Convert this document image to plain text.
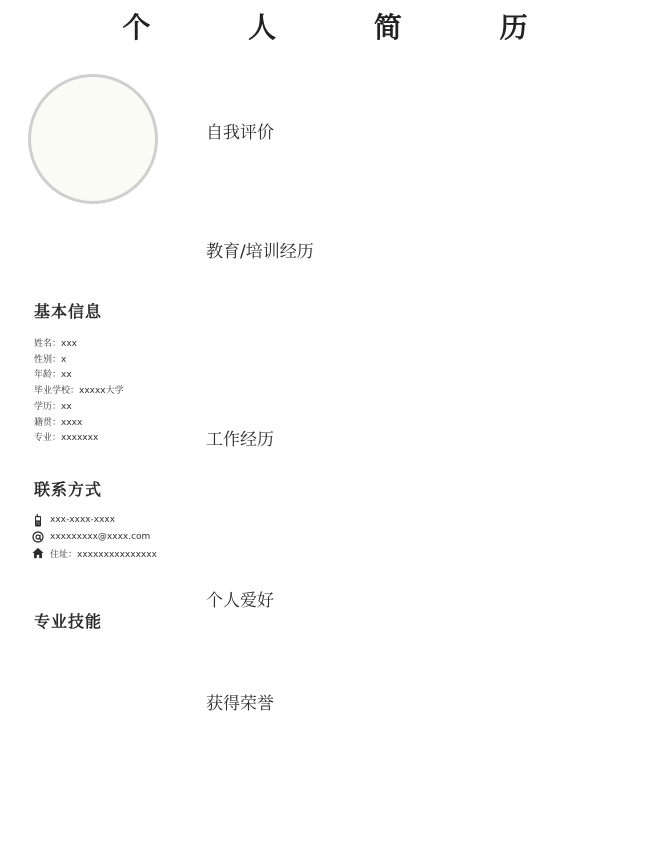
个 人 简 历
基本信息
姓名：xxx
性别：x
年龄：xx
毕业学校：xxxxx大学
学历：xx
籍贯：xxxx
专业：xxxxxxx
联系方式
xxx-xxxx-xxxx
xxxxxxxxx@xxxx.com
住址：xxxxxxxxxxxxxxx
专业技能
自我评价
教育/培训经历
工作经历
个人爱好
获得荣誉
